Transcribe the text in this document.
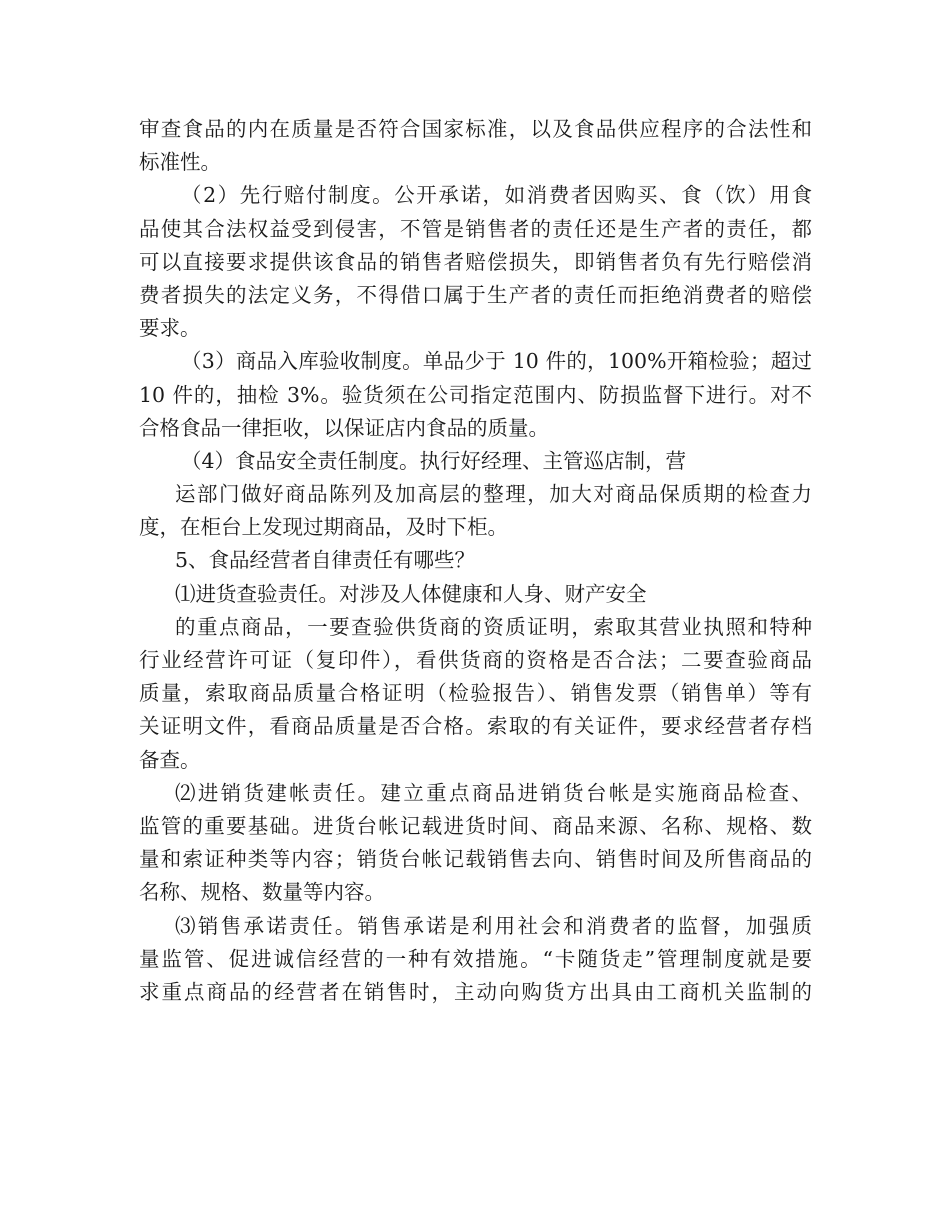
审查食品的内在质量是否符合国家标准，以及食品供应程序的合法性和
标准性。
（2）先行赔付制度。公开承诺，如消费者因购买、食（饮）用食
品使其合法权益受到侵害，不管是销售者的责任还是生产者的责任，都
可以直接要求提供该食品的销售者赔偿损失，即销售者负有先行赔偿消
费者损失的法定义务，不得借口属于生产者的责任而拒绝消费者的赔偿
要求。
（3）商品入库验收制度。单品少于 10 件的，100%开箱检验；超过
10 件的，抽检 3%。验货须在公司指定范围内、防损监督下进行。对不
合格食品一律拒收，以保证店内食品的质量。
（4）食品安全责任制度。执行好经理、主管巡店制，营
运部门做好商品陈列及加高层的整理，加大对商品保质期的检查力
度，在柜台上发现过期商品，及时下柜。
5、食品经营者自律责任有哪些？
⑴进货查验责任。对涉及人体健康和人身、财产安全
的重点商品，一要查验供货商的资质证明，索取其营业执照和特种
行业经营许可证（复印件），看供货商的资格是否合法；二要查验商品
质量，索取商品质量合格证明（检验报告）、销售发票（销售单）等有
关证明文件，看商品质量是否合格。索取的有关证件，要求经营者存档
备查。
⑵进销货建帐责任。建立重点商品进销货台帐是实施商品检查、
监管的重要基础。进货台帐记载进货时间、商品来源、名称、规格、数
量和索证种类等内容；销货台帐记载销售去向、销售时间及所售商品的
名称、规格、数量等内容。
⑶销售承诺责任。销售承诺是利用社会和消费者的监督，加强质
量监管、促进诚信经营的一种有效措施。“卡随货走”管理制度就是要
求重点商品的经营者在销售时，主动向购货方出具由工商机关监制的
